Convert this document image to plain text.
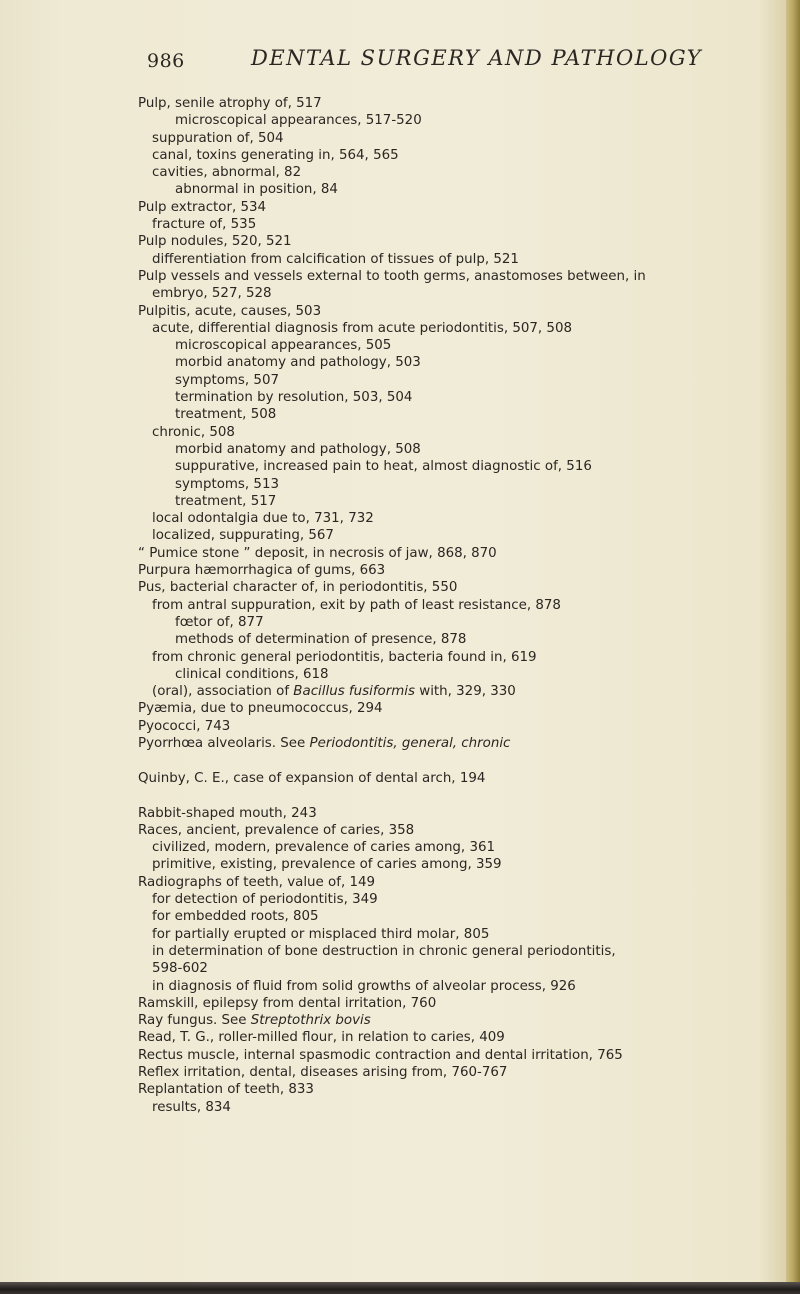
986	DENTAL SURGERY AND PATHOLOGY
Pulp, senile atrophy of, 517
microscopical appearances, 517-520
suppuration of, 504
canal, toxins generating in, 564, 565
cavities, abnormal, 82
abnormal in position, 84
Pulp extractor, 534
fracture of, 535
Pulp nodules, 520, 521
differentiation from calcification of tissues of pulp, 521
Pulp vessels and vessels external to tooth germs, anastomoses between, in
embryo, 527, 528
Pulpitis, acute, causes, 503
acute, differential diagnosis from acute periodontitis, 507, 508
microscopical appearances, 505
morbid anatomy and pathology, 503
symptoms, 507
termination by resolution, 503, 504
treatment, 508
chronic, 508
morbid anatomy and pathology, 508
suppurative, increased pain to heat, almost diagnostic of, 516
symptoms, 513
treatment, 517
local odontalgia due to, 731, 732
localized, suppurating, 567
“ Pumice stone ” deposit, in necrosis of jaw, 868, 870
Purpura hæmorrhagica of gums, 663
Pus, bacterial character of, in periodontitis, 550
from antral suppuration, exit by path of least resistance, 878
fœtor of, 877
methods of determination of presence, 878
from chronic general periodontitis, bacteria found in, 619
clinical conditions, 618
(oral), association of Bacillus fusiformis with, 329, 330
Pyæmia, due to pneumococcus, 294
Pyococci, 743
Pyorrhœa alveolaris. See Periodontitis, general, chronic
Quinby, C. E., case of expansion of dental arch, 194
Rabbit-shaped mouth, 243
Races, ancient, prevalence of caries, 358
civilized, modern, prevalence of caries among, 361
primitive, existing, prevalence of caries among, 359
Radiographs of teeth, value of, 149
for detection of periodontitis, 349
for embedded roots, 805
for partially erupted or misplaced third molar, 805
in determination of bone destruction in chronic general periodontitis,
598-602
in diagnosis of fluid from solid growths of alveolar process, 926
Ramskill, epilepsy from dental irritation, 760
Ray fungus. See Streptothrix bovis
Read, T. G., roller-milled flour, in relation to caries, 409
Rectus muscle, internal spasmodic contraction and dental irritation, 765
Reflex irritation, dental, diseases arising from, 760-767
Replantation of teeth, 833
results, 834
